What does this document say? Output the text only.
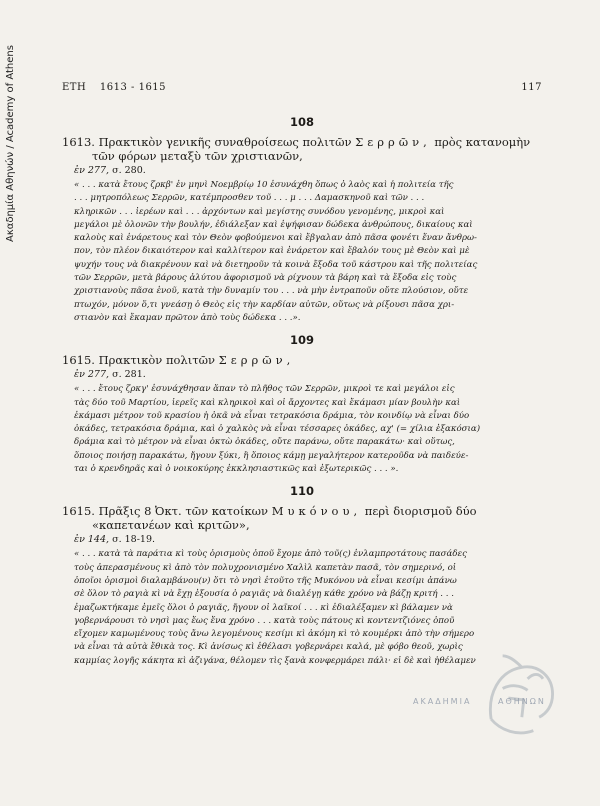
Ακαδημία Αθηνών / Academy of Athens	ΕΤΗ 1613 - 1615	117
108

1613. Πρακτικὸν γενικῆς συναθροίσεως πολιτῶν Σερρῶν, πρὸς κατανομὴν τῶν φόρων μεταξὺ τῶν χριστιανῶν,

ἐν 277, σ. 280.
« . . . κατὰ ἔτους ζρκβ' ἐν μηνὶ Νοεμβρίῳ 10 ἐσυνάχθη ὅπως ὁ λαὸς καὶ ἡ πολιτεία τῆς
. . . μητροπόλεως Σερρῶν, κατέμπροσθεν τοῦ . . . μ . . . Δαμασκηνοῦ καὶ τῶν . . .
κληρικῶν . . . ἱερέων καὶ . . . ἀρχόντων καὶ μεγίστης συνόδου γενομένης, μικροὶ καὶ
μεγάλοι μὲ ὁλονῶν τὴν βουλήν, ἐδιάλεξαν καὶ ἐψήφισαν δώδεκα ἀνθρώπους, δικαίους καὶ
καλοὺς καὶ ἐνάρετους καὶ τὸν Θεὸν φοβούμενοι καὶ ἔβγαλαν ἀπὸ πᾶσα φονέτι ἕναν ἄνθρω-
πον, τὸν πλέον δικαιότερον καὶ καλλίτερον καὶ ἐνάρετον καὶ ἔβαλόν τους μὲ Θεὸν καὶ μὲ
ψυχήν τους νὰ διακρένουν καὶ νὰ διετηροῦν τὰ κοινὰ ἔξοδα τοῦ κάστρου καὶ τῆς πολιτείας
τῶν Σερρῶν, μετὰ βάρους ἀλύτου ἀφορισμοῦ νὰ ρίχνουν τὰ βάρη καὶ τὰ ἔξοδα εἰς τοὺς
χριστιανοὺς πᾶσα ἑνοῦ, κατὰ τὴν δυναμίν του . . . νὰ μὴν ἐντραποῦν οὔτε πλούσιον, οὔτε
πτωχόν, μόνον ὅ,τι γνεάσῃ ὁ Θεὸς εἰς τὴν καρδίαν αὐτῶν, οὕτως νὰ ρίξουσι πᾶσα χρι-
στιανὸν καὶ ἔκαμαν πρῶτον ἀπὸ τοὺς δώδεκα . . .».
109

1615. Πρακτικὸν πολιτῶν Σερρῶν,

ἐν 277, σ. 281.
« . . . ἔτους ζρκγ' ἐσυνάχθησαν ἅπαν τὸ πλῆθος τῶν Σερρῶν, μικροὶ τε καὶ μεγάλοι εἰς
τὰς δύο τοῦ Μαρτίου, ἱερεῖς καὶ κληρικοὶ καὶ οἱ ἄρχοντες καὶ ἔκάμασι μίαν βουλὴν καὶ
ἐκάμασι μέτρον τοῦ κρασίου ἡ ὀκᾶ νὰ εἶναι τετρακόσια δράμια, τὸν κοινδίῳ νὰ εἶναι δύο
ὀκάδες, τετρακόσια δράμια, καὶ ὁ χαλκὸς νὰ εἶναι τέσσαρες ὀκάδες, αχ' (= χίλια ἑξακόσια)
δράμια καὶ τὸ μέτρον νὰ εἶναι ὀκτὼ ὀκάδες, οὔτε παράνω, οὔτε παρακάτω· καὶ οὕτως,
ὅποιος ποιήσῃ παρακάτω, ἤγουν ξύκι, ἢ ὅποιος κάμῃ μεγαλήτερον κατεροῦδα νὰ παιδεύε-
ται ὁ κρενδηρᾶς καὶ ὁ νοικοκύρης ἐκκλησιαστικῶς καὶ ἐξωτερικῶς . . . ».
110

1615. Πρᾶξις 8 Ὀκτ. τῶν κατοίκων Μυκόνου, περὶ διορισμοῦ δύο «καπετανέων καὶ κριτῶν»,

ἐν 144, σ. 18-19.
« . . . κατὰ τὰ παράτια κὶ τοὺς ὁρισμοὺς ὁποῦ ἔχομε ἀπὸ τοῦ(ς) ἐνλαμπροτάτους πασάδες
τοὺς ἀπερασμένους κὶ ἀπὸ τὸν πολυχρονισμένο Χαλὶλ καπετὰν πασᾶ, τὸν σημερινό, οἱ
ὁποῖοι ὁρισμοὶ διαλαμβάνου(ν) ὅτι τὸ νησὶ ἐτοῦτο τῆς Μυκόνου νὰ εἶναι κεσίμι ἀπάνω
σὲ ὅλον τὸ ραγιὰ κὶ νὰ ἔχῃ ἐξουσία ὁ ραγιᾶς νὰ διαλέγῃ κάθε χρόνο νὰ βάζῃ κριτή . . .
ἐμαζωκτήκαμε ἐμεῖς ὅλοι ὁ ραγιᾶς, ἤγουν οἱ λαϊκοί . . . κὶ ἐδιαλέξαμεν κὶ βάλαμεν νὰ
γοβερνάρουσι τὸ νησὶ μας ἕως ἕνα χρόνο . . . κατὰ τοὺς πάτους κὶ κοντεντζιόνες ὁποῦ
εἴχομεν καμωμένους τοὺς ἄνω λεγομένους κεσίμι κὶ ἀκόμη κὶ τὸ κουμέρκι ἀπὸ τὴν σήμερο
νὰ εἶναι τὰ αὐτὰ ἔθικὰ τος. Κὶ ἀνίσως κὶ ἐθέλασι γοβερνάρει καλά, μὲ φόβο θεοῦ, χωρὶς
καμμίας λογῆς κάκητα κὶ ἀζιγάνα, θέλομεν τὶς ξανὰ κονφερμάρει πάλι· εἰ δὲ καὶ ἠθέλαμεν
ΑΚΑΔΗΜΙΑ	ΑΘΗΝΩΝ
